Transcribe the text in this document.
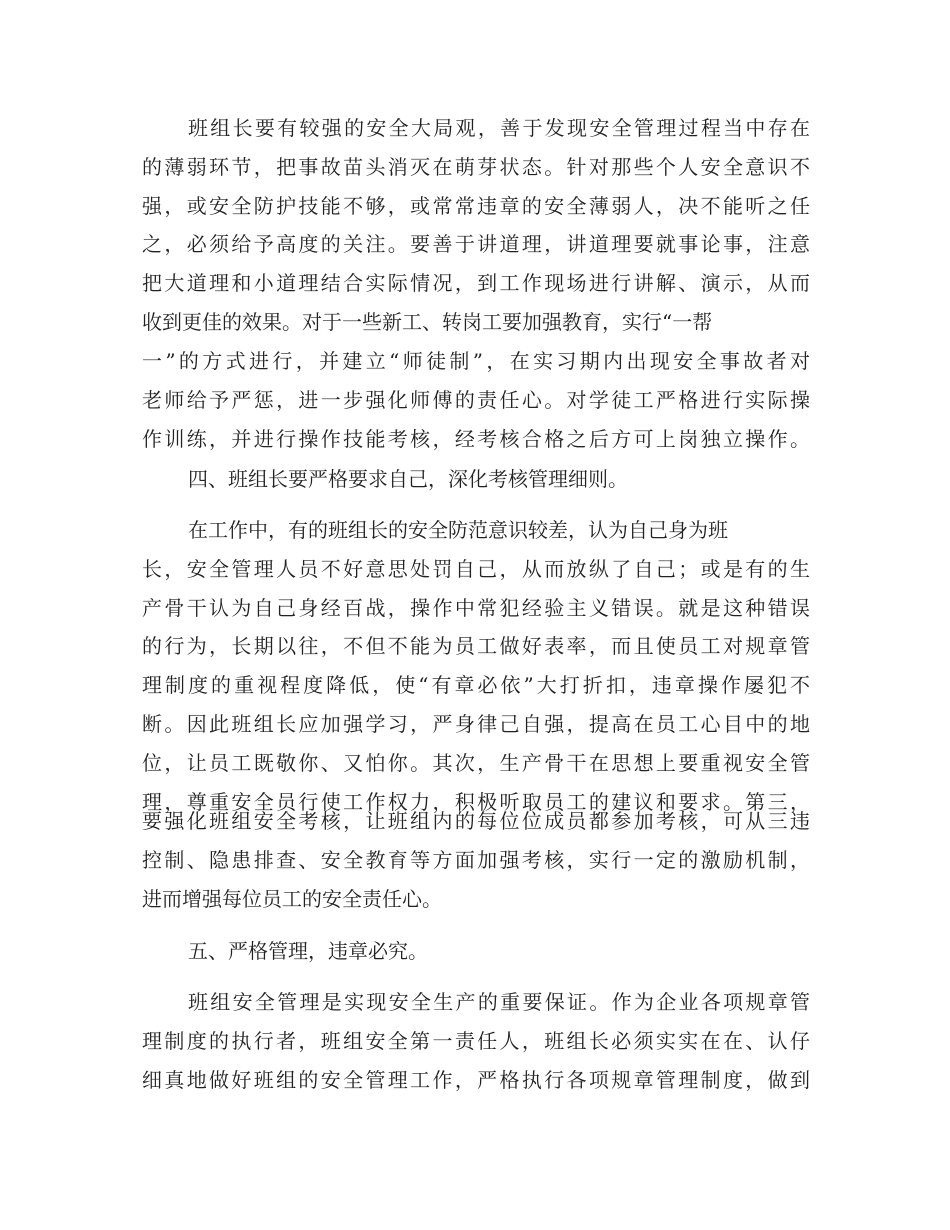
班组长要有较强的安全大局观，善于发现安全管理过程当中存在
的薄弱环节，把事故苗头消灭在萌芽状态。针对那些个人安全意识不
强，或安全防护技能不够，或常常违章的安全薄弱人，决不能听之任
之，必须给予高度的关注。要善于讲道理，讲道理要就事论事，注意
把大道理和小道理结合实际情况，到工作现场进行讲解、演示，从而
收到更佳的效果。对于一些新工、转岗工要加强教育，实行“一帮
一”的方式进行，并建立“师徒制”，在实习期内出现安全事故者对
老师给予严惩，进一步强化师傅的责任心。对学徒工严格进行实际操
作训练，并进行操作技能考核，经考核合格之后方可上岗独立操作。
四、班组长要严格要求自己，深化考核管理细则。
在工作中，有的班组长的安全防范意识较差，认为自己身为班
长，安全管理人员不好意思处罚自己，从而放纵了自己；或是有的生
产骨干认为自己身经百战，操作中常犯经验主义错误。就是这种错误
的行为，长期以往，不但不能为员工做好表率，而且使员工对规章管
理制度的重视程度降低，使“有章必依”大打折扣，违章操作屡犯不
断。因此班组长应加强学习，严身律己自强，提高在员工心目中的地
位，让员工既敬你、又怕你。其次，生产骨干在思想上要重视安全管
理，尊重安全员行使工作权力，积极听取员工的建议和要求。第三，
要强化班组安全考核，让班组内的每位位成员都参加考核，可从三违
控制、隐患排查、安全教育等方面加强考核，实行一定的激励机制，
进而增强每位员工的安全责任心。
五、严格管理，违章必究。
班组安全管理是实现安全生产的重要保证。作为企业各项规章管
理制度的执行者，班组安全第一责任人，班组长必须实实在在、认仔
细真地做好班组的安全管理工作，严格执行各项规章管理制度，做到
